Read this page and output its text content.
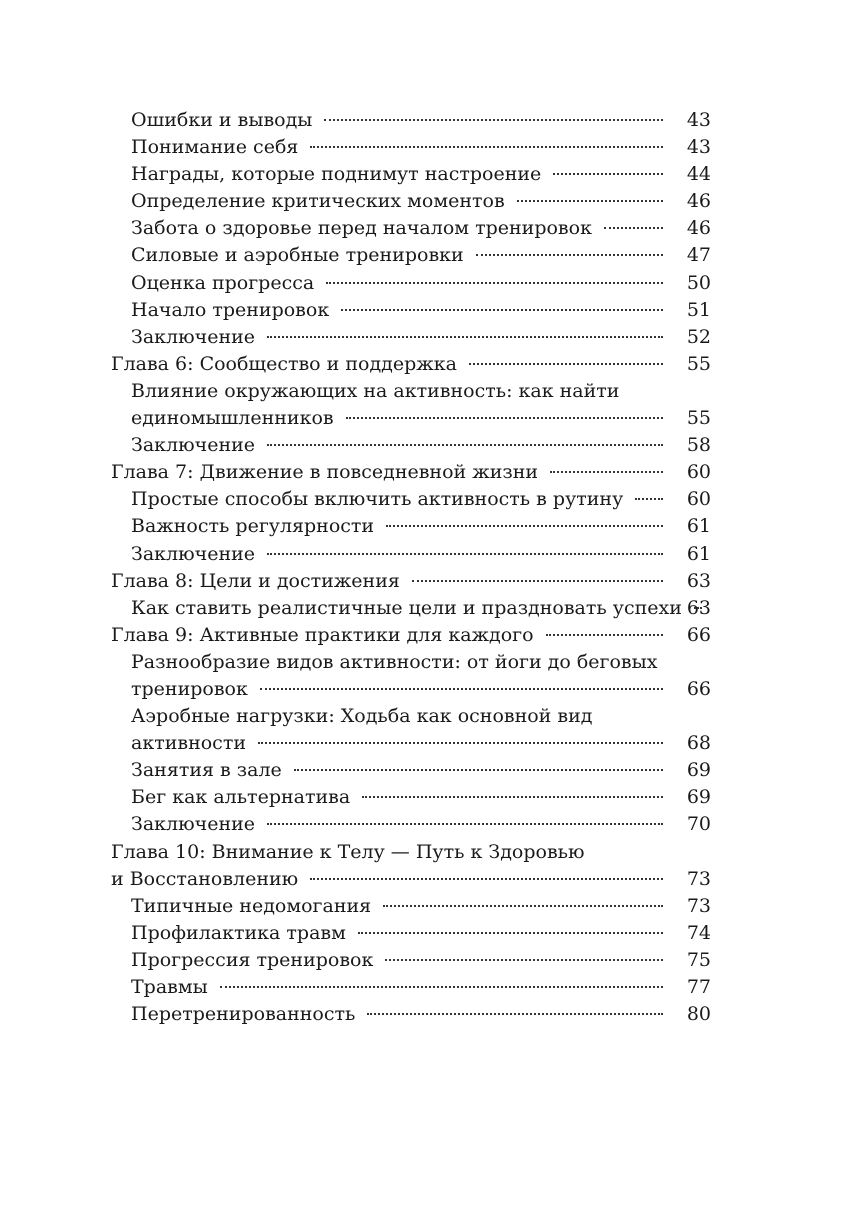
Ошибки и выводы	43
Понимание себя	43
Награды, которые поднимут настроение	44
Определение критических моментов	46
Забота о здоровье перед началом тренировок	46
Силовые и аэробные тренировки	47
Оценка прогресса	50
Начало тренировок	51
Заключение	52
Глава 6: Сообщество и поддержка	55
Влияние окружающих на активность: как найти
единомышленников	55
Заключение	58
Глава 7: Движение в повседневной жизни	60
Простые способы включить активность в рутину	60
Важность регулярности	61
Заключение	61
Глава 8: Цели и достижения	63
Как ставить реалистичные цели и праздновать успехи 63
Глава 9: Активные практики для каждого	66
Разнообразие видов активности: от йоги до беговых
тренировок	66
Аэробные нагрузки: Ходьба как основной вид
активности	68
Занятия в зале	69
Бег как альтернатива	69
Заключение	70
Глава 10: Внимание к Телу — Путь к Здоровью
и Восстановлению	73
Типичные недомогания	73
Профилактика травм	74
Прогрессия тренировок	75
Травмы	77
Перетренированность	80
